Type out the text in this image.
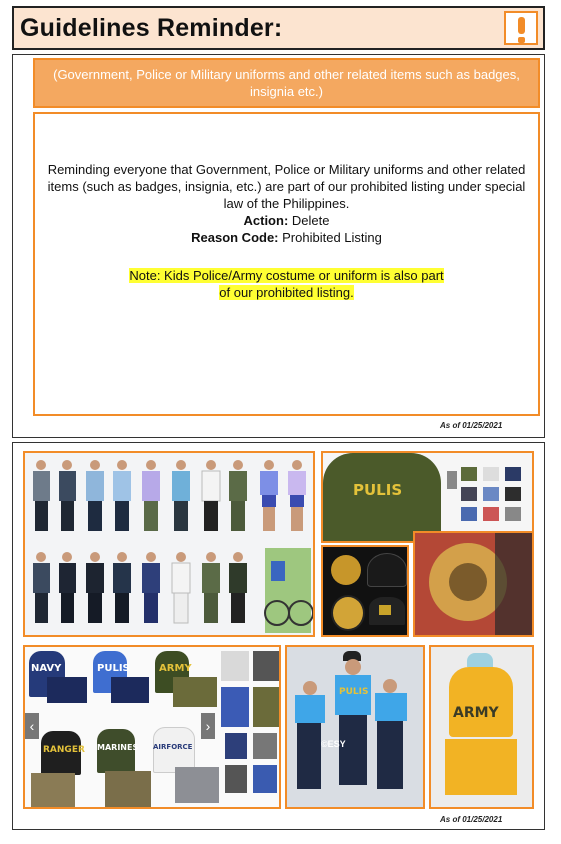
Guidelines Reminder:
(Government, Police or Military uniforms and other related items such as badges, insignia etc.)

Reminding everyone that Government, Police or Military uniforms and other related items (such as badges, insignia, etc.) are part of our prohibited listing under special law of the Philippines.

Action: Delete

Reason Code: Prohibited Listing

Note: Kids Police/Army costume or uniform is also part of our prohibited listing.
As of 01/25/2021
PULIS
NAVY	PULIS	ARMY
‹	›
RANGER MARINES AIRFORCE
PULIS
©ESY
ARMY
As of 01/25/2021
